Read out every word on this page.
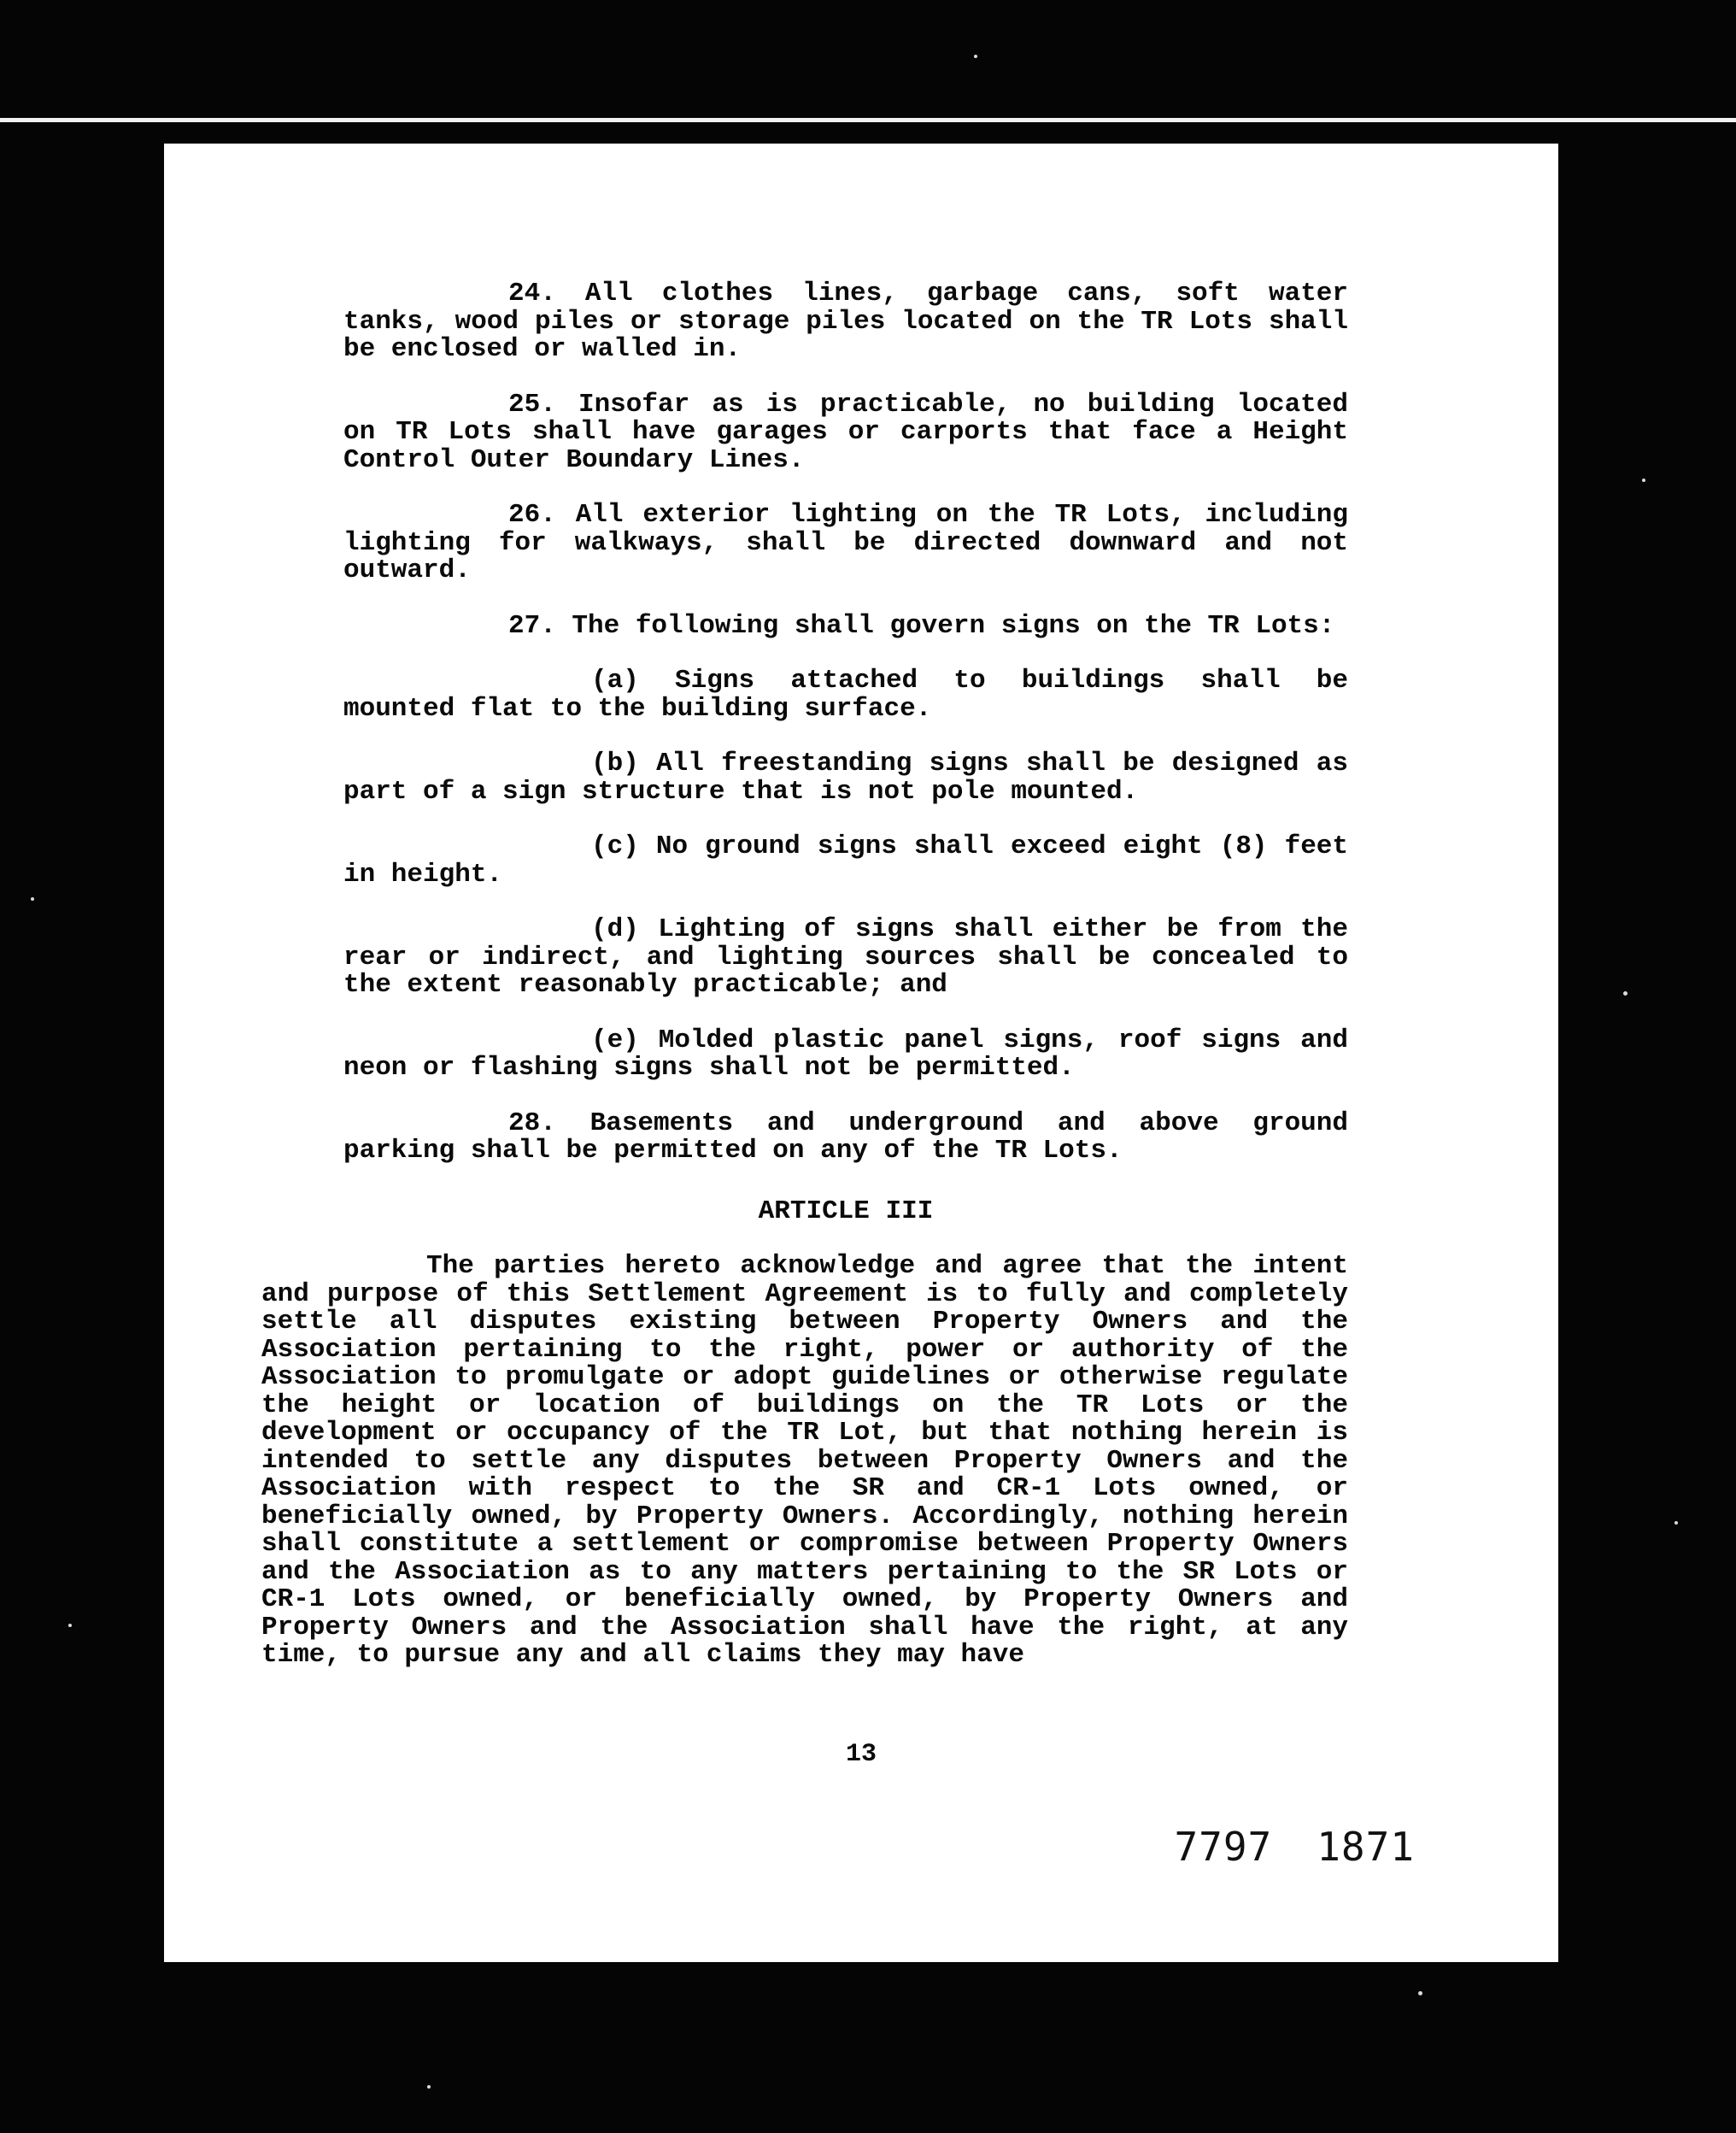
24. All clothes lines, garbage cans, soft water tanks, wood piles or storage piles located on the TR Lots shall be enclosed or walled in.

25. Insofar as is practicable, no building located on TR Lots shall have garages or carports that face a Height Control Outer Boundary Lines.

26. All exterior lighting on the TR Lots, including lighting for walkways, shall be directed downward and not outward.

27. The following shall govern signs on the TR Lots:

(a) Signs attached to buildings shall be mounted flat to the building surface.

(b) All freestanding signs shall be designed as part of a sign structure that is not pole mounted.

(c) No ground signs shall exceed eight (8) feet in height.

(d) Lighting of signs shall either be from the rear or indirect, and lighting sources shall be concealed to the extent reasonably practicable; and

(e) Molded plastic panel signs, roof signs and neon or flashing signs shall not be permitted.

28. Basements and underground and above ground parking shall be permitted on any of the TR Lots.

ARTICLE III

The parties hereto acknowledge and agree that the intent and purpose of this Settlement Agreement is to fully and completely settle all disputes existing between Property Owners and the Association pertaining to the right, power or authority of the Association to promulgate or adopt guidelines or otherwise regulate the height or location of buildings on the TR Lots or the development or occupancy of the TR Lot, but that nothing herein is intended to settle any disputes between Property Owners and the Association with respect to the SR and CR-1 Lots owned, or beneficially owned, by Property Owners. Accordingly, nothing herein shall constitute a settlement or compromise between Property Owners and the Association as to any matters pertaining to the SR Lots or CR-1 Lots owned, or beneficially owned, by Property Owners and Property Owners and the Association shall have the right, at any time, to pursue any and all claims they may have

13
7797 1871
